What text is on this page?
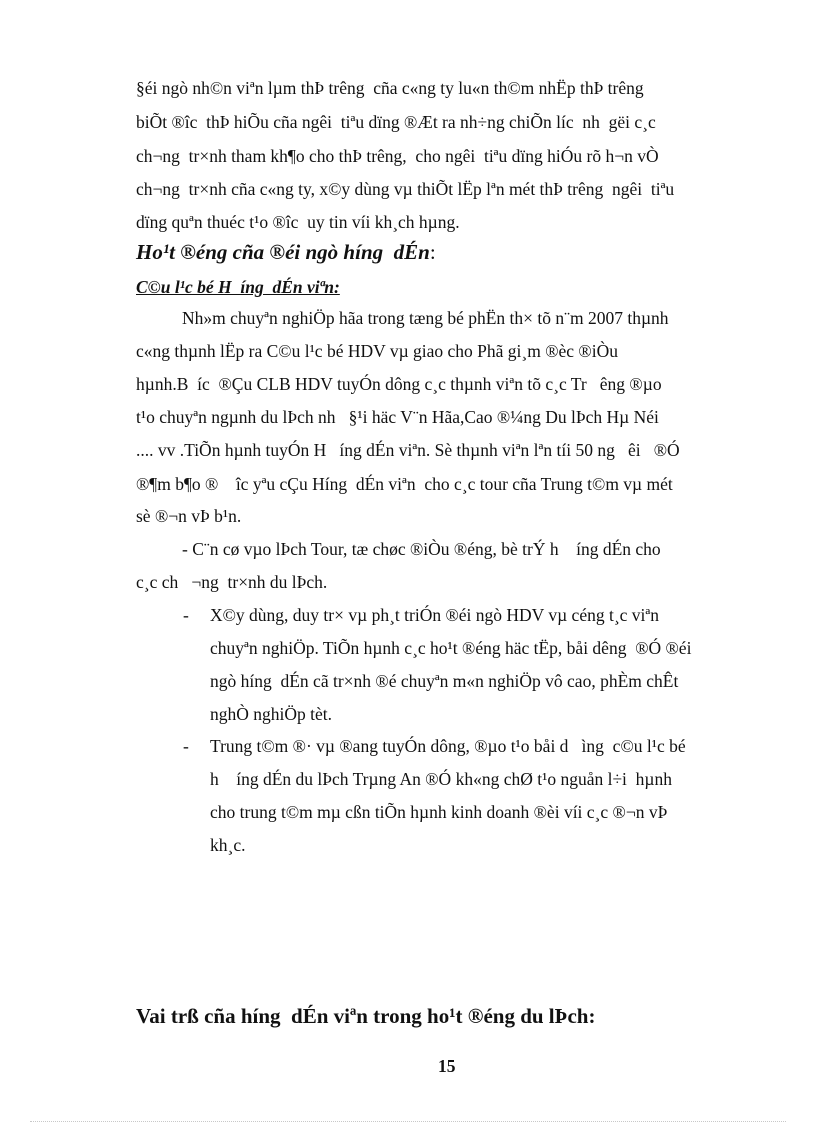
§éi ngò nh©n viªn lµm thÞ trêng  cña c«ng ty lu«n th©m nhËp thÞ trêng
biÕt ®îc  thÞ hiÕu cña ngêi  tiªu dïng ®Æt ra nh÷ng chiÕn líc  nh  gëi c¸c
ch¬ng  tr×nh tham kh¶o cho thÞ trêng,  cho ngêi  tiªu dïng hiÓu rõ h¬n vÒ
ch¬ng  tr×nh cña c«ng ty, x©y dùng vµ thiÕt lËp lªn mét thÞ trêng  ngêi  tiªu
dïng quªn thuéc t¹o ®îc  uy tin víi kh¸ch hµng.
Ho¹t ®éng cña ®éi ngò híng  dÉn:
C©u l¹c bé H  íng  dÉn viªn:
Nh»m chuyªn nghiÖp hãa trong tæng bé phËn th× tõ n¨m 2007 thµnh
c«ng thµnh lËp ra C©u l¹c bé HDV vµ giao cho Phã gi¸m ®èc ®iÒu
hµnh.B  íc  ®Çu CLB HDV tuyÓn dông c¸c thµnh viªn tõ c¸c Tr   êng ®µo
t¹o chuyªn ngµnh du lÞch nh   §¹i häc V¨n Hãa,Cao ®¼ng Du lÞch Hµ Néi
.... vv .TiÕn hµnh tuyÓn H   íng dÉn viªn. Sè thµnh viªn lªn tíi 50 ng   êi   ®Ó
®¶m b¶o ®    îc yªu cÇu Híng  dÉn viªn  cho c¸c tour cña Trung t©m vµ mét
sè ®¬n vÞ b¹n.
- C¨n cø vµo lÞch Tour, tæ chøc ®iÒu ®éng, bè trÝ h    íng dÉn cho
c¸c ch   ¬ng  tr×nh du lÞch.
- X©y dùng, duy tr× vµ ph¸t triÓn ®éi ngò HDV vµ céng t¸c viªn
chuyªn nghiÖp. TiÕn hµnh c¸c ho¹t ®éng häc tËp, båi dêng  ®Ó ®éi
ngò híng  dÉn cã tr×nh ®é chuyªn m«n nghiÖp vô cao, phÈm chÊt
nghÒ nghiÖp tèt.
- Trung t©m ®· vµ ®ang tuyÓn dông, ®µo t¹o båi d   ìng  c©u l¹c bé
h    íng dÉn du lÞch Trµng An ®Ó kh«ng chØ t¹o nguån l÷i  hµnh
cho trung t©m mµ cßn tiÕn hµnh kinh doanh ®èi víi c¸c ®¬n vÞ
kh¸c.
Vai trß cña híng  dÉn viªn trong ho¹t ®éng du lÞch:
15
